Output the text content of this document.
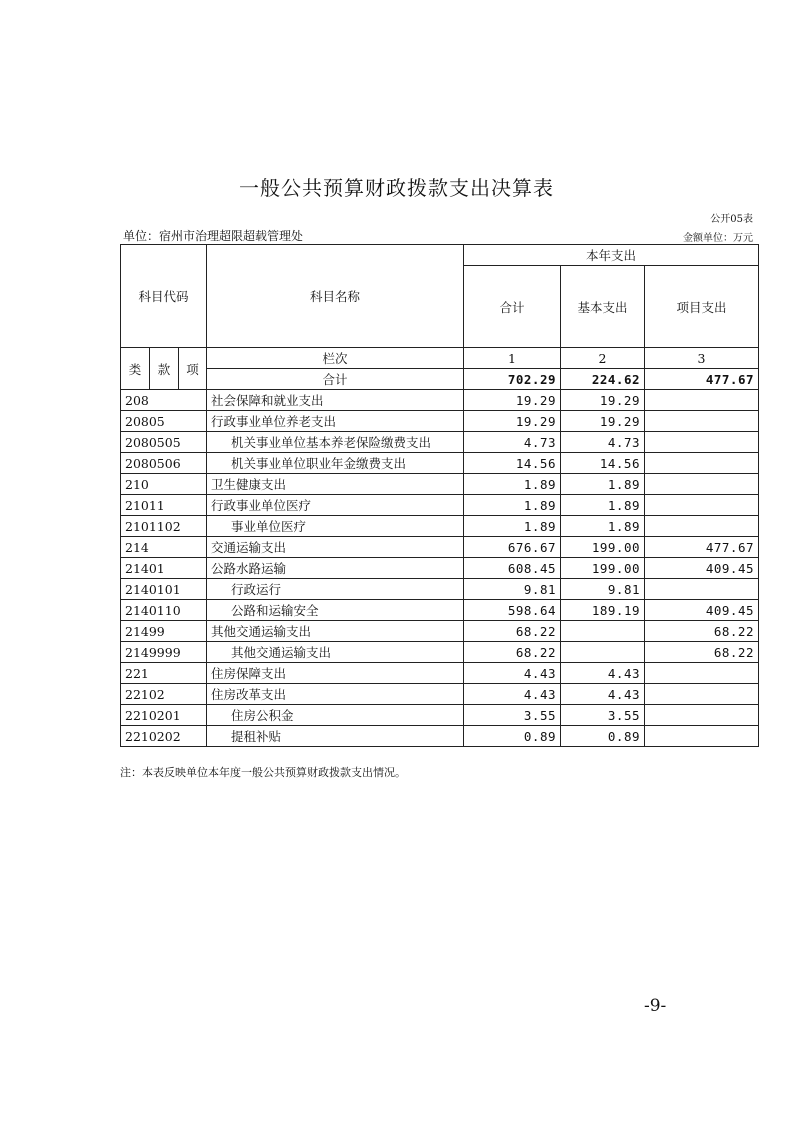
一般公共预算财政拨款支出决算表
公开05表
单位：宿州市治理超限超载管理处	金额单位：万元
科目代码			科目名称	本年支出		
				合计	基本支出	项目支出
类	款	项	栏次	1	2	3
			合计	702.29	224.62	477.67
208			社会保障和就业支出	19.29	19.29	
20805			行政事业单位养老支出	19.29	19.29	
2080505			机关事业单位基本养老保险缴费支出	4.73	4.73	
2080506			机关事业单位职业年金缴费支出	14.56	14.56	
210			卫生健康支出	1.89	1.89	
21011			行政事业单位医疗	1.89	1.89	
2101102			事业单位医疗	1.89	1.89	
214			交通运输支出	676.67	199.00	477.67
21401			公路水路运输	608.45	199.00	409.45
2140101			行政运行	9.81	9.81	
2140110			公路和运输安全	598.64	189.19	409.45
21499			其他交通运输支出	68.22		68.22
2149999			其他交通运输支出	68.22		68.22
221			住房保障支出	4.43	4.43	
22102			住房改革支出	4.43	4.43	
2210201			住房公积金	3.55	3.55	
2210202			提租补贴	0.89	0.89	
注：本表反映单位本年度一般公共预算财政拨款支出情况。
-9-
